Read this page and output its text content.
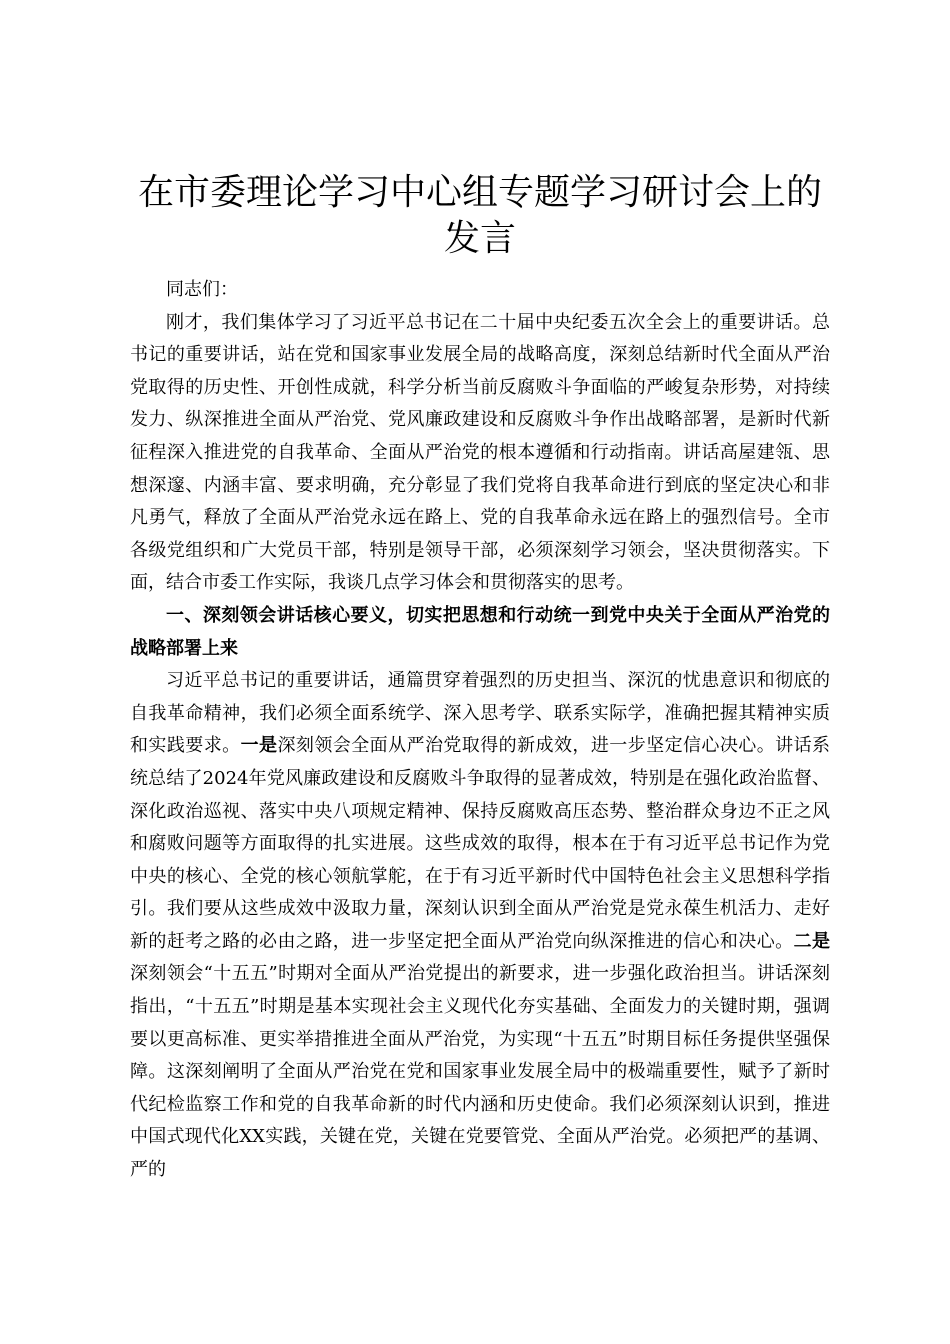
在市委理论学习中心组专题学习研讨会上的发言

同志们：

刚才，我们集体学习了习近平总书记在二十届中央纪委五次全会上的重要讲话。总书记的重要讲话，站在党和国家事业发展全局的战略高度，深刻总结新时代全面从严治党取得的历史性、开创性成就，科学分析当前反腐败斗争面临的严峻复杂形势，对持续发力、纵深推进全面从严治党、党风廉政建设和反腐败斗争作出战略部署，是新时代新征程深入推进党的自我革命、全面从严治党的根本遵循和行动指南。讲话高屋建瓴、思想深邃、内涵丰富、要求明确，充分彰显了我们党将自我革命进行到底的坚定决心和非凡勇气，释放了全面从严治党永远在路上、党的自我革命永远在路上的强烈信号。全市各级党组织和广大党员干部，特别是领导干部，必须深刻学习领会，坚决贯彻落实。下面，结合市委工作实际，我谈几点学习体会和贯彻落实的思考。

一、深刻领会讲话核心要义，切实把思想和行动统一到党中央关于全面从严治党的战略部署上来

习近平总书记的重要讲话，通篇贯穿着强烈的历史担当、深沉的忧患意识和彻底的自我革命精神，我们必须全面系统学、深入思考学、联系实际学，准确把握其精神实质和实践要求。一是深刻领会全面从严治党取得的新成效，进一步坚定信心决心。讲话系统总结了2024年党风廉政建设和反腐败斗争取得的显著成效，特别是在强化政治监督、深化政治巡视、落实中央八项规定精神、保持反腐败高压态势、整治群众身边不正之风和腐败问题等方面取得的扎实进展。这些成效的取得，根本在于有习近平总书记作为党中央的核心、全党的核心领航掌舵，在于有习近平新时代中国特色社会主义思想科学指引。我们要从这些成效中汲取力量，深刻认识到全面从严治党是党永葆生机活力、走好新的赶考之路的必由之路，进一步坚定把全面从严治党向纵深推进的信心和决心。二是深刻领会“十五五”时期对全面从严治党提出的新要求，进一步强化政治担当。讲话深刻指出，“十五五”时期是基本实现社会主义现代化夯实基础、全面发力的关键时期，强调要以更高标准、更实举措推进全面从严治党，为实现“十五五”时期目标任务提供坚强保障。这深刻阐明了全面从严治党在党和国家事业发展全局中的极端重要性，赋予了新时代纪检监察工作和党的自我革命新的时代内涵和历史使命。我们必须深刻认识到，推进中国式现代化XX实践，关键在党，关键在党要管党、全面从严治党。必须把严的基调、严的
